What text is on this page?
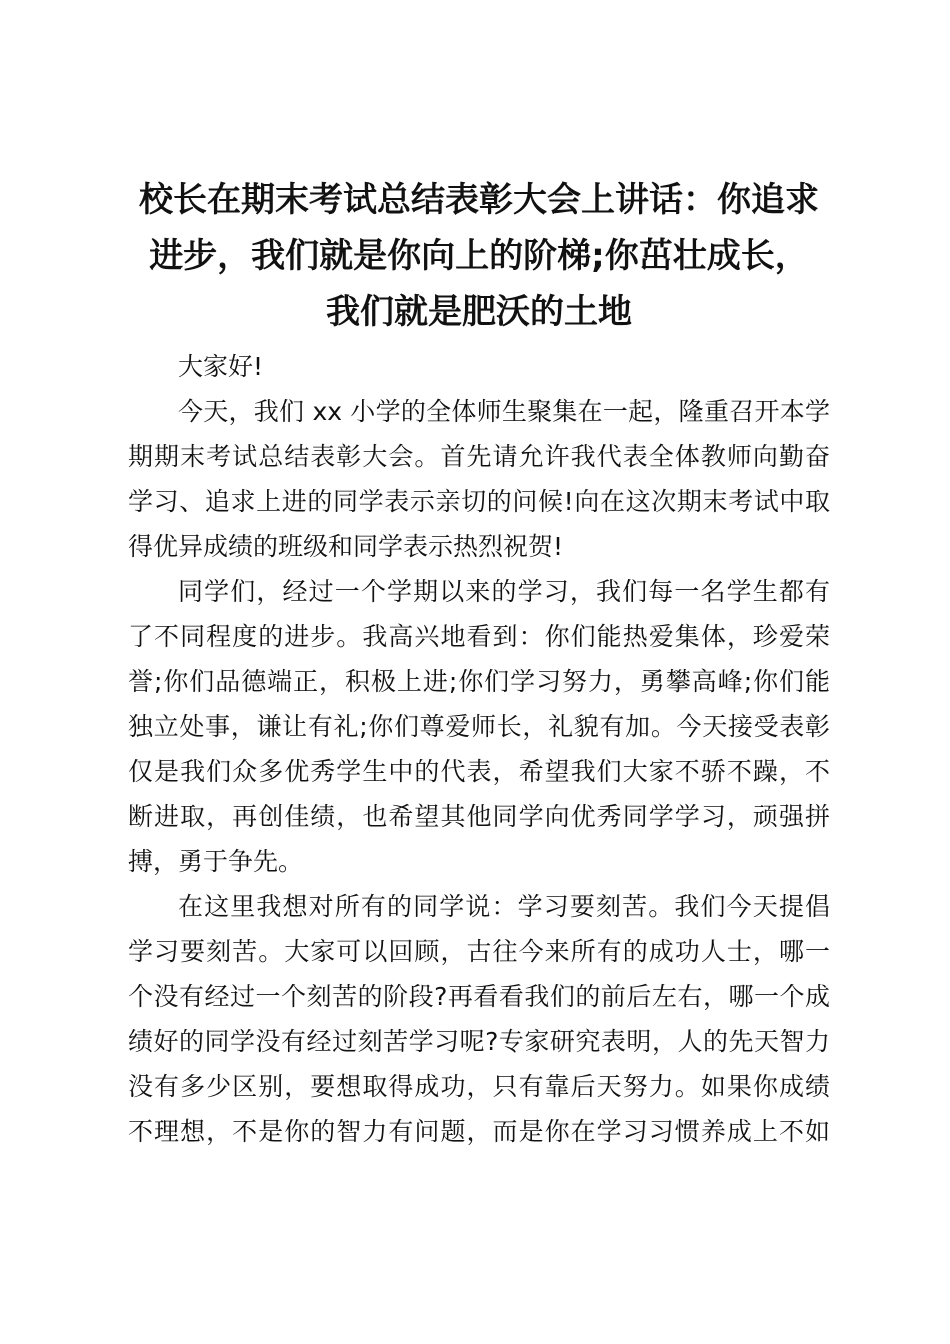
校长在期末考试总结表彰大会上讲话：你追求
进步，我们就是你向上的阶梯;你茁壮成长，
我们就是肥沃的土地
大家好!
今天，我们 xx 小学的全体师生聚集在一起，隆重召开本学
期期末考试总结表彰大会。首先请允许我代表全体教师向勤奋
学习、追求上进的同学表示亲切的问候!向在这次期末考试中取
得优异成绩的班级和同学表示热烈祝贺!
同学们，经过一个学期以来的学习，我们每一名学生都有
了不同程度的进步。我高兴地看到：你们能热爱集体，珍爱荣
誉;你们品德端正，积极上进;你们学习努力，勇攀高峰;你们能
独立处事，谦让有礼;你们尊爱师长，礼貌有加。今天接受表彰
仅是我们众多优秀学生中的代表，希望我们大家不骄不躁，不
断进取，再创佳绩，也希望其他同学向优秀同学学习，顽强拼
搏，勇于争先。
在这里我想对所有的同学说：学习要刻苦。我们今天提倡
学习要刻苦。大家可以回顾，古往今来所有的成功人士，哪一
个没有经过一个刻苦的阶段?再看看我们的前后左右，哪一个成
绩好的同学没有经过刻苦学习呢?专家研究表明，人的先天智力
没有多少区别，要想取得成功，只有靠后天努力。如果你成绩
不理想，不是你的智力有问题，而是你在学习习惯养成上不如
